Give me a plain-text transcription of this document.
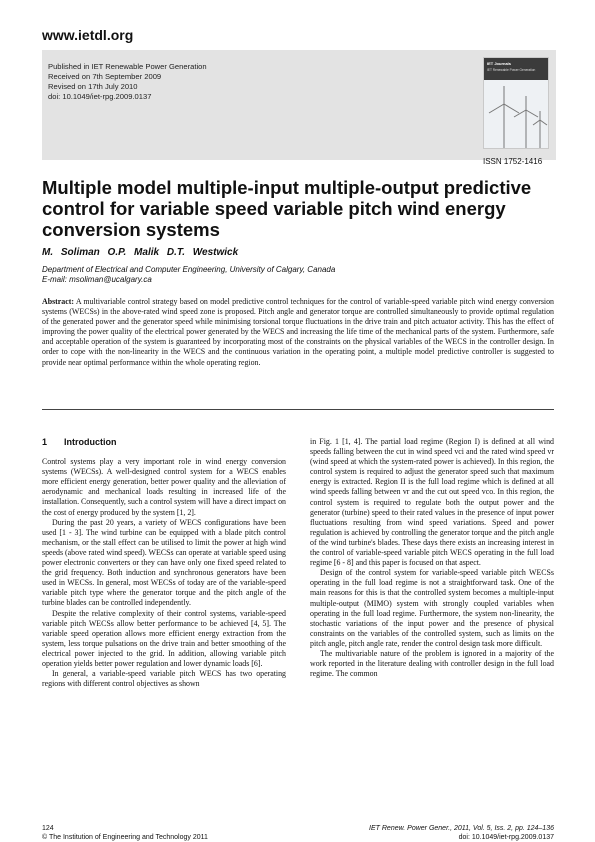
www.ietdl.org
Published in IET Renewable Power Generation
Received on 7th September 2009
Revised on 17th July 2010
doi: 10.1049/iet-rpg.2009.0137
IET Journals
IET Renewable Power Generation
ISSN 1752-1416
Multiple model multiple-input multiple-output predictive control for variable speed variable pitch wind energy conversion systems
M. Soliman O.P. Malik D.T. Westwick
Department of Electrical and Computer Engineering, University of Calgary, Canada
E-mail: msoliman@ucalgary.ca

Abstract: A multivariable control strategy based on model predictive control techniques for the control of variable-speed variable pitch wind energy conversion systems (WECSs) in the above-rated wind speed zone is proposed. Pitch angle and generator torque are controlled simultaneously to provide optimal regulation of the generated power and the generator speed while minimising torsional torque fluctuations in the drive train and pitch actuator activity. This has the effect of improving the power quality of the electrical power generated by the WECS and increasing the life time of the mechanical parts of the system. Furthermore, safe and acceptable operation of the system is guaranteed by incorporating most of the constraints on the physical variables of the WECS in the controller design. In order to cope with the non-linearity in the WECS and the continuous variation in the operating point, a multiple model predictive controller is suggested to provide near optimal performance within the whole operating region.

1 Introduction

Control systems play a very important role in wind energy conversion systems (WECSs). A well-designed control system for a WECS enables more efficient energy generation, better power quality and the alleviation of aerodynamic and mechanical loads resulting in increased life of the installation. Consequently, such a control system will have a direct impact on the cost of energy produced by the system [1, 2].

During the past 20 years, a variety of WECS configurations have been used [1 - 3]. The wind turbine can be equipped with a blade pitch control mechanism, or the stall effect can be utilised to limit the power at high wind speeds (above rated wind speed). WECSs can operate at variable speed using power electronic converters or they can have only one fixed speed related to the grid frequency. Both induction and synchronous generators have been used in WECSs. In general, most WECSs of today are of the variable-speed variable pitch type where the generator torque and the pitch angle of the turbine blades can be controlled independently.

Despite the relative complexity of their control systems, variable-speed variable pitch WECSs allow better performance to be achieved [4, 5]. The variable speed operation allows more efficient energy extraction from the system, less torque pulsations on the drive train and better smoothing of the electrical power injected to the grid. In addition, allowing variable pitch operation yields better power regulation and lower dynamic loads [6].

In general, a variable-speed variable pitch WECS has two operating regions with different control objectives as shown

in Fig. 1 [1, 4]. The partial load regime (Region I) is defined at all wind speeds falling between the cut in wind speed vci and the rated wind speed vr (wind speed at which the system-rated power is achieved). In this region, the control system is required to adjust the generator speed such that maximum energy is extracted. Region II is the full load regime which is defined at all wind speeds falling between vr and the cut out speed vco. In this region, the control system is required to regulate both the output power and the generator (turbine) speed to their rated values in the presence of input power fluctuations resulting from wind speed variations. Speed and power regulation is achieved by controlling the generator torque and the pitch angle of the wind turbine's blades. These days there exists an increasing interest in the control of variable-speed variable pitch WECS operating in the full load regime [6 - 8] and this paper is focused on that aspect.

Design of the control system for variable-speed variable pitch WECSs operating in the full load regime is not a straightforward task. One of the main reasons for this is that the controlled system becomes a multiple-input multiple-output (MIMO) system with strongly coupled variables when operating in the full load regime. Furthermore, the system non-linearity, the stochastic variations of the input power and the presence of physical constraints on the variables of the controlled system, such as limits on the pitch angle, pitch angle rate, render the control design task more difficult.

The multivariable nature of the problem is ignored in a majority of the work reported in the literature dealing with controller design in the full load regime. The common

124
© The Institution of Engineering and Technology 2011
IET Renew. Power Gener., 2011, Vol. 5, Iss. 2, pp. 124–136
doi: 10.1049/iet-rpg.2009.0137
